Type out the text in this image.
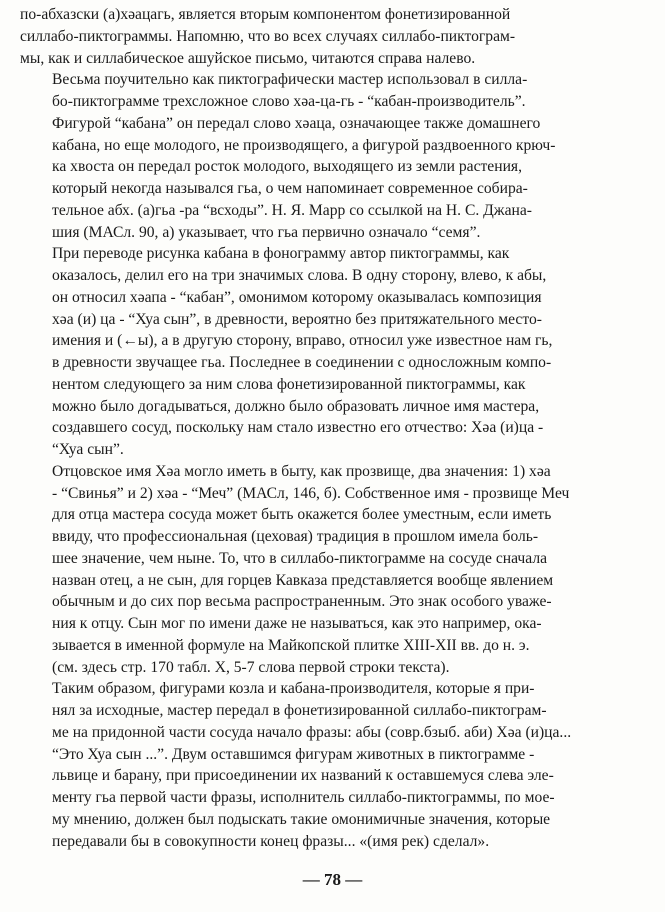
по-абхазски (а)хәацагь, является вторым компонентом фонетизированной
силлабо-пиктограммы. Напомню, что во всех случаях силлабо-пиктограм-
мы, как и силлабическое ашуйское письмо, читаются справа налево.
Весьма поучительно как пиктографически мастер использовал в силла-
бо-пиктограмме трехсложное слово хәа-ца-гь - “кабан-производитель”.
Фигурой “кабана” он передал слово хәаца, означающее также домашнего
кабана, но еще молодого, не производящего, а фигурой раздвоенного крюч-
ка хвоста он передал росток молодого, выходящего из земли растения,
который некогда назывался гьа, о чем напоминает современное собира-
тельное абх. (а)гьа -ра “всходы”. Н. Я. Марр со ссылкой на Н. С. Джана-
шия (МАСл. 90, а) указывает, что гьа первично означало “семя”.
При переводе рисунка кабана в фонограмму автор пиктограммы, как
оказалось, делил его на три значимых слова. В одну сторону, влево, к абы,
он относил хәапа - “кабан”, омонимом которому оказывалась композиция
хәа (и) ца - “Хуа сын”, в древности, вероятно без притяжательного место-
имения и (←ы), а в другую сторону, вправо, относил уже известное нам гь,
в древности звучащее гьа. Последнее в соединении с односложным компо-
нентом следующего за ним слова фонетизированной пиктограммы, как
можно было догадываться, должно было образовать личное имя мастера,
создавшего сосуд, поскольку нам стало известно его отчество: Хәа (и)ца -
“Хуа сын”.
Отцовское имя Хәа могло иметь в быту, как прозвище, два значения: 1) хәа
- “Свинья” и 2) хәа - “Меч” (МАСл, 146, б). Собственное имя - прозвище Меч
для отца мастера сосуда может быть окажется более уместным, если иметь
ввиду, что профессиональная (цеховая) традиция в прошлом имела боль-
шее значение, чем ныне. То, что в силлабо-пиктограмме на сосуде сначала
назван отец, а не сын, для горцев Кавказа представляется вообще явлением
обычным и до сих пор весьма распространенным. Это знак особого уваже-
ния к отцу. Сын мог по имени даже не называться, как это например, ока-
зывается в именной формуле на Майкопской плитке XIII-XII вв. до н. э.
(см. здесь стр. 170 табл. X, 5-7 слова первой строки текста).
Таким образом, фигурами козла и кабана-производителя, которые я при-
нял за исходные, мастер передал в фонетизированной силлабо-пиктограм-
ме на придонной части сосуда начало фразы: абы (совр.бзыб. аби) Хәа (и)ца...
“Это Хуа сын ...”. Двум оставшимся фигурам животных в пиктограмме -
львице и барану, при присоединении их названий к оставшемуся слева эле-
менту гьа первой части фразы, исполнитель силлабо-пиктограммы, по мое-
му мнению, должен был подыскать такие омонимичные значения, которые
передавали бы в совокупности конец фразы... «(имя рек) сделал».
— 78 —
